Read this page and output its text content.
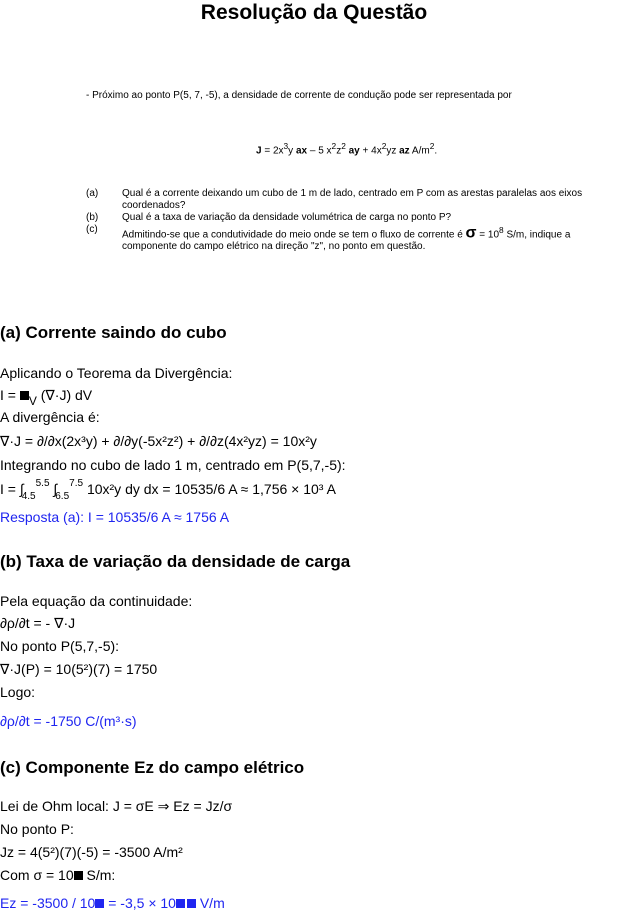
Resolução da Questão
- Próximo ao ponto P(5, 7, -5), a densidade de corrente de condução pode ser representada por
$J = 2x^3y$ ax – 5 $x^2z^2$ ay + $4x^2yz$ az $A/m^2$.
(a)	Qual é a corrente deixando um cubo de 1 m de lado, centrado em P com as arestas paralelas aos eixos coordenados?
(b)	Qual é a taxa de variação da densidade volumétrica de carga no ponto P?
(c)	Admitindo-se que a condutividade do meio onde se tem o fluxo de corrente é $\sigma = 10^8$ S/m, indique a componente do campo elétrico na direção "z", no ponto em questão.
(a) Corrente saindo do cubo
Aplicando o Teorema da Divergência:
I = V (∇·J) dV
A divergência é:
∇·J = ∂/∂x(2x³y) + ∂/∂y(-5x²z²) + ∂/∂z(4x²yz) = 10x²y
Integrando no cubo de lado 1 m, centrado em P(5,7,-5):
$I = \int_{4.5}^{5.5}$ $\int_{6.5}^{7.5}$ 10x²y dy dx = 10535/6 A ≈ 1,756 × 10³ A
Resposta (a): I = 10535/6 A ≈ 1756 A
(b) Taxa de variação da densidade de carga
Pela equação da continuidade:
∂ρ/∂t = - ∇·J
No ponto P(5,7,-5):
∇·J(P) = 10(5²)(7) = 1750
Logo:
∂ρ/∂t = -1750 C/(m³·s)
(c) Componente Ez do campo elétrico
Lei de Ohm local: J = σE ⇒ Ez = Jz/σ
No ponto P:
Jz = 4(5²)(7)(-5) = -3500 A/m²
Com σ = 10 S/m:
Ez = -3500 / 10 = -3,5 × 10 V/m
